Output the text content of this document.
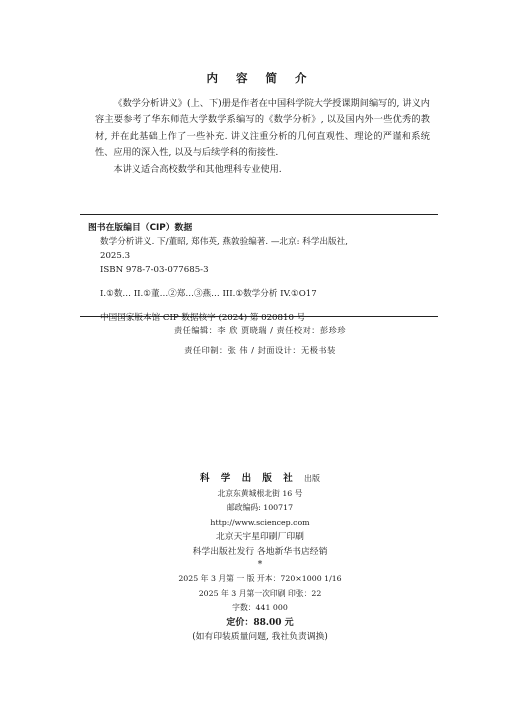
内 容 简 介

《数学分析讲义》(上、下)册是作者在中国科学院大学授课期间编写的, 讲义内容主要参考了华东师范大学数学系编写的《数学分析》, 以及国内外一些优秀的教材, 并在此基础上作了一些补充. 讲义注重分析的几何直观性、理论的严谨和系统性、应用的深入性, 以及与后续学科的衔接性.

本讲义适合高校数学和其他理科专业使用.

图书在版编目（CIP）数据
数学分析讲义. 下/董昭, 郑伟英, 燕敦验编著. —北京: 科学出版社,
2025.3
ISBN 978-7-03-077685-3
I.①数… II.①董…②郑…③燕… III.①数学分析 IV.①O17
中国国家版本馆 CIP 数据核字 (2024) 第 020810 号
责任编辑：李 欣 贾晓瑞 / 责任校对：彭珍珍
责任印制：张 伟 / 封面设计：无极书装
科 学 出 版 社 出版
北京东黄城根北街 16 号
邮政编码: 100717
http://www.sciencep.com
北京天宇星印刷厂印刷
科学出版社发行 各地新华书店经销
*
2025 年 3 月第 一 版 开本：720×1000 1/16
2025 年 3 月第一次印刷 印张：22
字数：441 000
定价：88.00 元
(如有印装质量问题, 我社负责调换)
